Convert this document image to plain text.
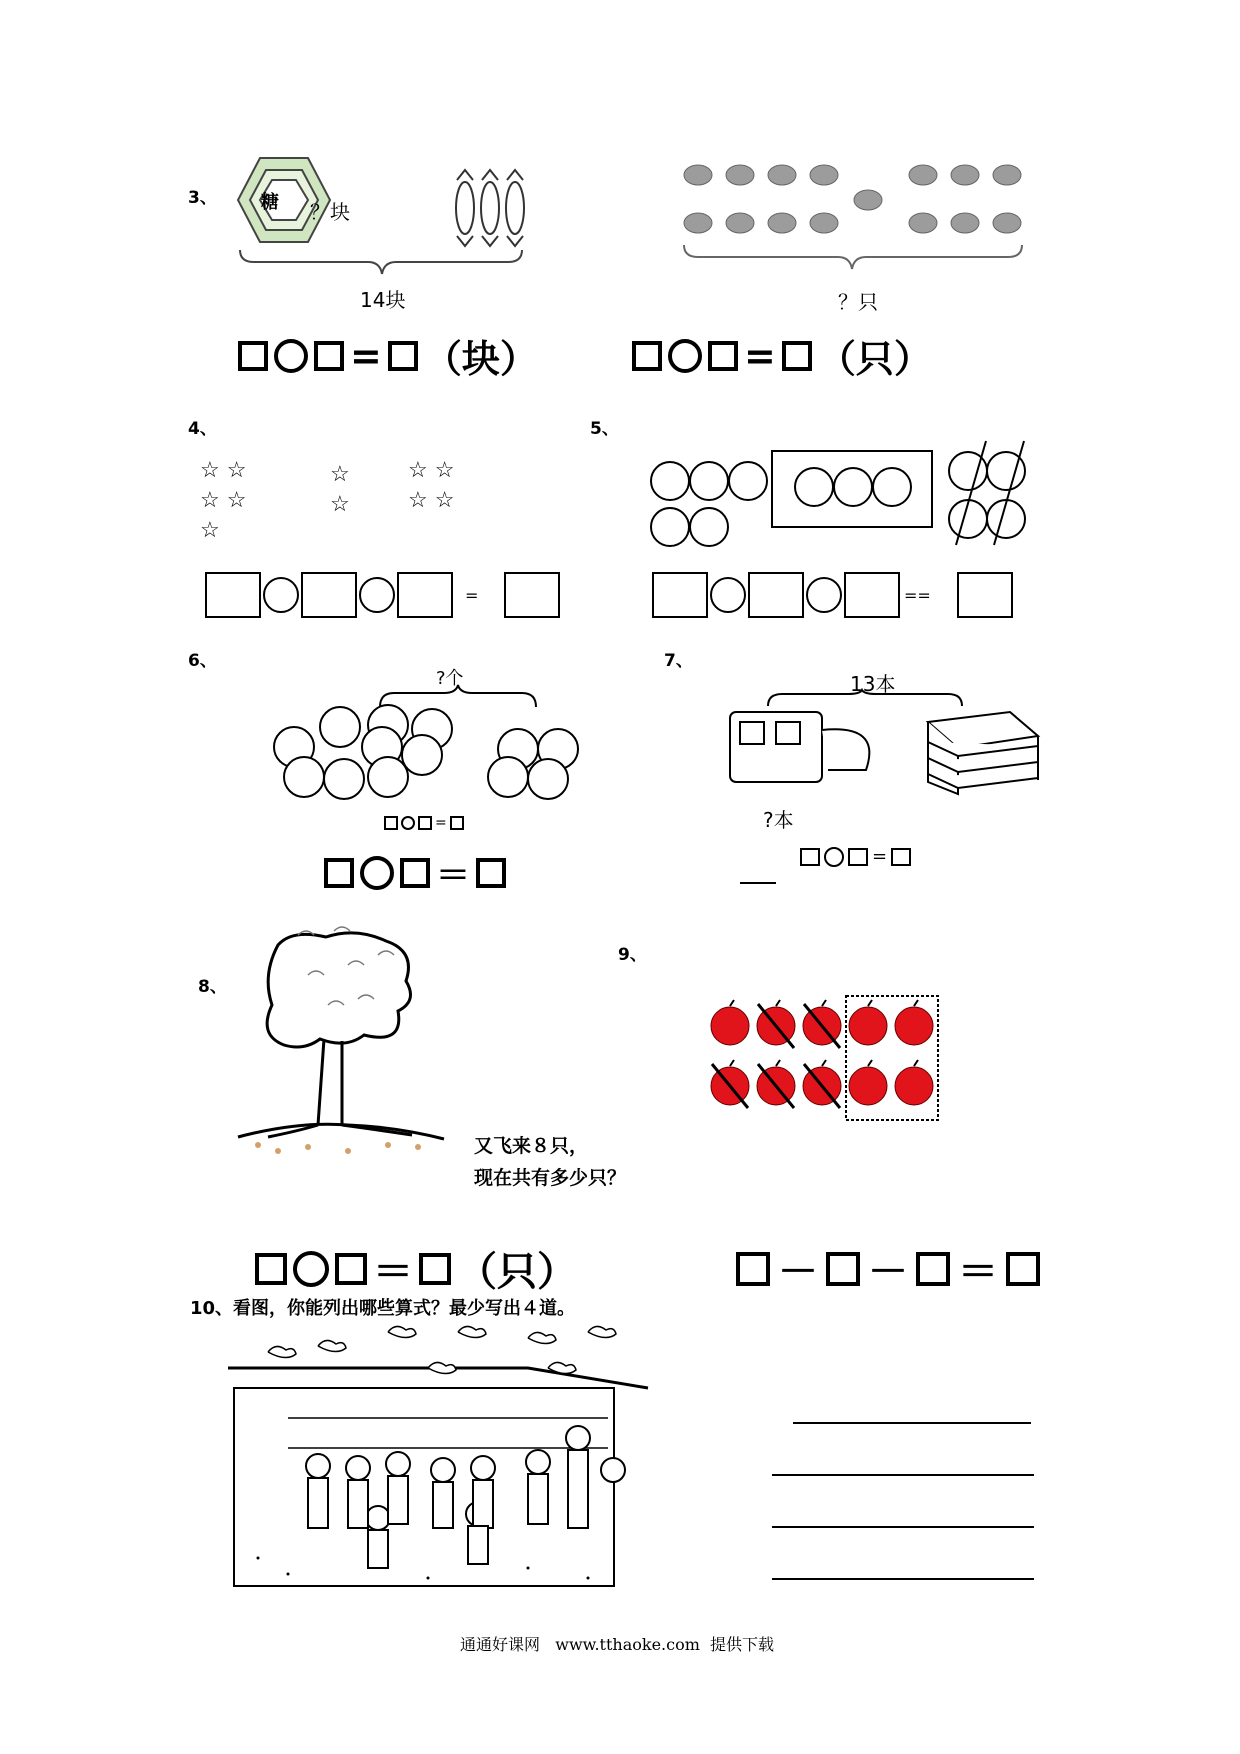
3、 糖 ？块
14块	？只
= （块）	= （只）
4、
☆ ☆
☆ ☆
☆
☆
☆
☆ ☆
☆ ☆
=
5、
==
6、
?个
=
＝
7、
13本
?本
=
8、
又飞来８只，
现在共有多少只？
＝ （只）
9、
－ － ＝
10、看图，你能列出哪些算式？最少写出４道。
通通好课网   www.tthaoke.com  提供下载
